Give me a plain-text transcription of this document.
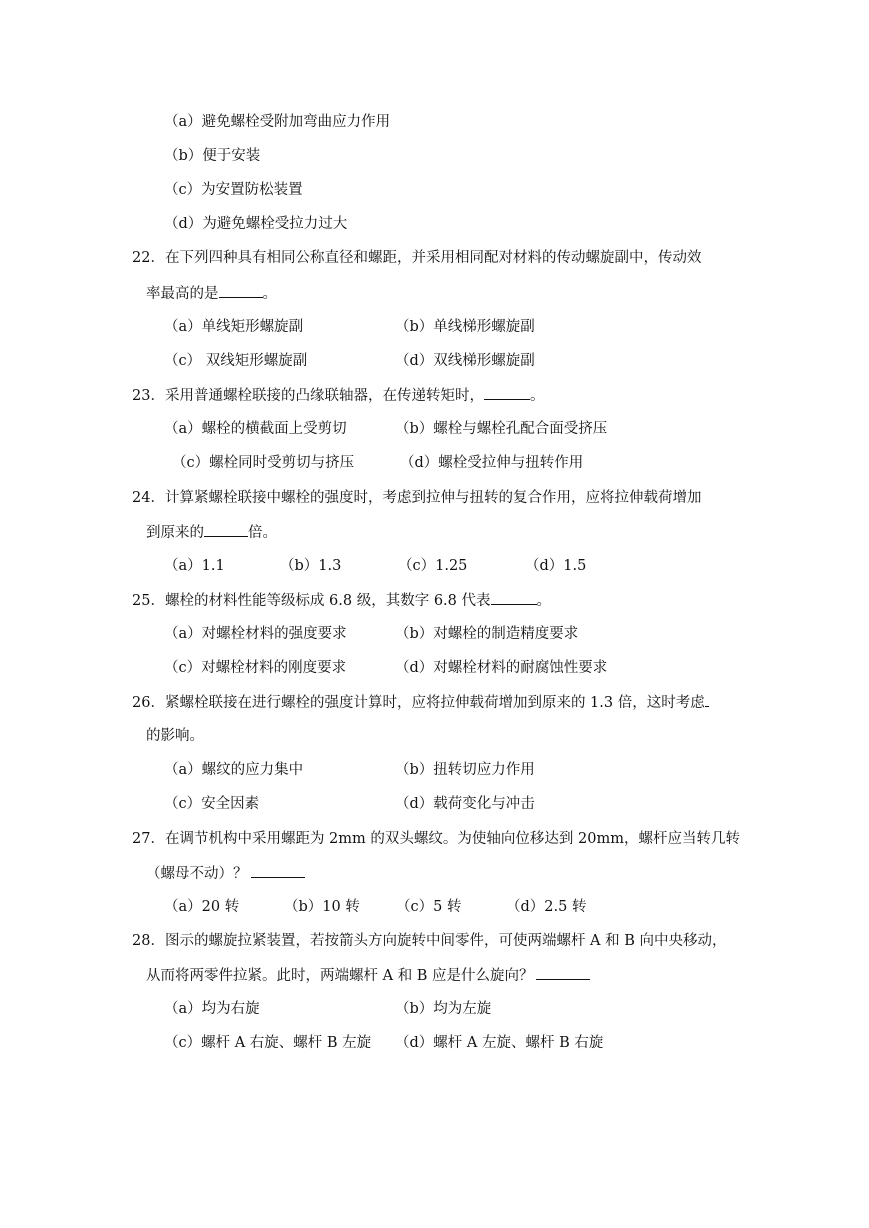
（a）避免螺栓受附加弯曲应力作用
（b）便于安装
（c）为安置防松装置
（d）为避免螺栓受拉力过大
22．在下列四种具有相同公称直径和螺距，并采用相同配对材料的传动螺旋副中，传动效
率最高的是	。
（a）单线矩形螺旋副	（b）单线梯形螺旋副
（c） 双线矩形螺旋副	（d）双线梯形螺旋副
23．采用普通螺栓联接的凸缘联轴器，在传递转矩时，	。
（a）螺栓的横截面上受剪切	（b）螺栓与螺栓孔配合面受挤压
（c）螺栓同时受剪切与挤压	（d）螺栓受拉伸与扭转作用
24．计算紧螺栓联接中螺栓的强度时，考虑到拉伸与扭转的复合作用，应将拉伸载荷增加
到原来的	倍。
（a）1.1	（b）1.3	（c）1.25	（d）1.5
25．螺栓的材料性能等级标成 6.8 级，其数字 6.8 代表	。
（a）对螺栓材料的强度要求	（b）对螺栓的制造精度要求
（c）对螺栓材料的刚度要求	（d）对螺栓材料的耐腐蚀性要求
26．紧螺栓联接在进行螺栓的强度计算时，应将拉伸载荷增加到原来的 1.3 倍，这时考虑
的影响。
（a）螺纹的应力集中	（b）扭转切应力作用
（c）安全因素	（d）载荷变化与冲击
27．在调节机构中采用螺距为 2mm 的双头螺纹。为使轴向位移达到 20mm，螺杆应当转几转
（螺母不动）？
（a）20 转	（b）10 转 （c）5 转	（d）2.5 转
28．图示的螺旋拉紧装置，若按箭头方向旋转中间零件，可使两端螺杆 A 和 B 向中央移动，
从而将两零件拉紧。此时，两端螺杆 A 和 B 应是什么旋向？
（a）均为右旋	（b）均为左旋
（c）螺杆 A 右旋、螺杆 B 左旋 （d）螺杆 A 左旋、螺杆 B 右旋
